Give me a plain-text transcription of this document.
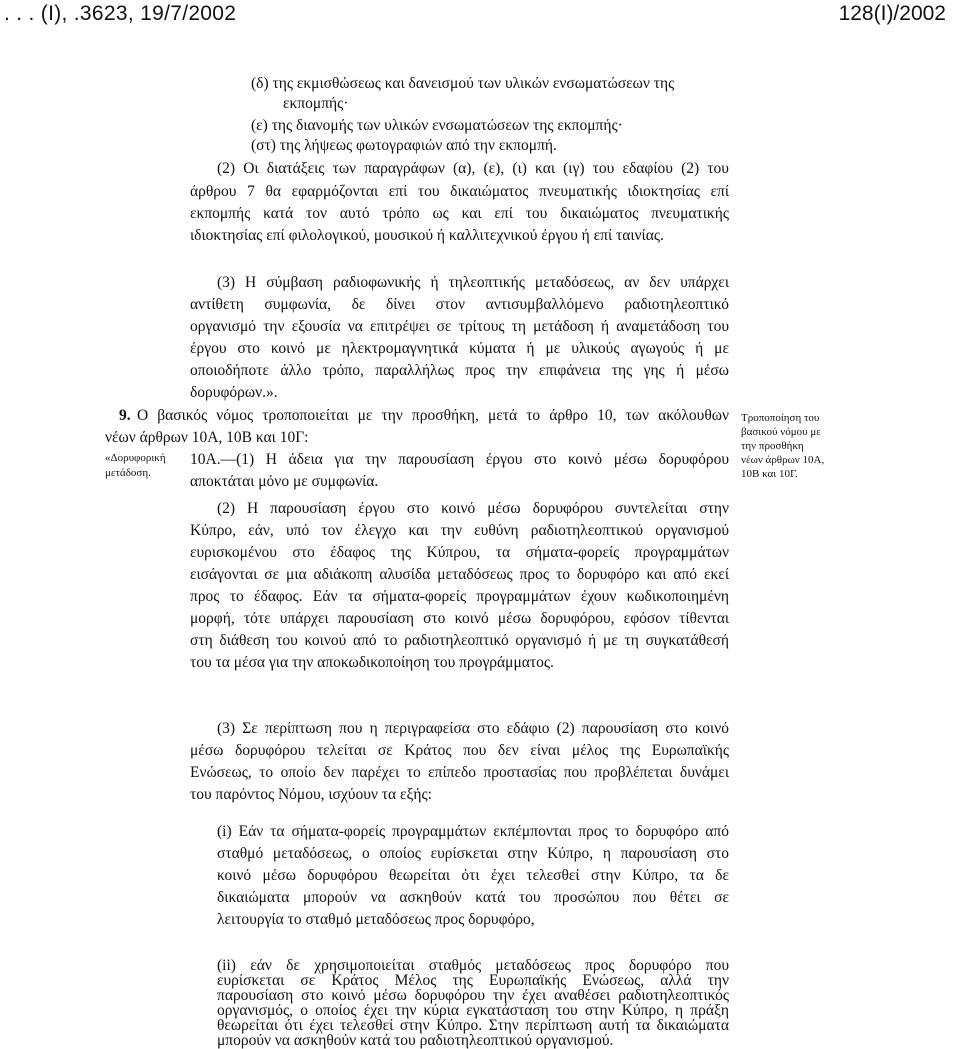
. . . (Ι), .3623, 19/7/2002	128(Ι)/2002
(δ) της εκμισθώσεως και δανεισμού των υλικών ενσωματώσεων της
εκπομπής·
(ε) της διανομής των υλικών ενσωματώσεων της εκπομπής·
(στ) της λήψεως φωτογραφιών από την εκπομπή.
(2) Οι διατάξεις των παραγράφων (α), (ε), (ι) και (ιγ) του εδαφίου (2) του
άρθρου 7 θα εφαρμόζονται επί του δικαιώματος πνευματικής ιδιοκτησίας επί
εκπομπής κατά τον αυτό τρόπο ως και επί του δικαιώματος πνευματικής
ιδιοκτησίας επί φιλολογικού, μουσικού ή καλλιτεχνικού έργου ή επί ταινίας.
(3) Η σύμβαση ραδιοφωνικής ή τηλεοπτικής μεταδόσεως, αν δεν υπάρχει
αντίθετη συμφωνία, δε δίνει στον αντισυμβαλλόμενο ραδιοτηλεοπτικό
οργανισμό την εξουσία να επιτρέψει σε τρίτους τη μετάδοση ή αναμετάδοση του
έργου στο κοινό με ηλεκτρομαγνητικά κύματα ή με υλικούς αγωγούς ή με
οποιοδήποτε άλλο τρόπο, παραλλήλως προς την επιφάνεια της γης ή μέσω
δορυφόρων.».
9. Ο βασικός νόμος τροποποιείται με την προσθήκη, μετά το άρθρο 10, των ακόλουθων
νέων άρθρων 10Α, 10Β και 10Γ:
Τροποποίηση του
βασικού νόμου με
την προσθήκη
νέων άρθρων 10Α,
10Β και 10Γ.
«Δορυφορική
μετάδοση.
10Α.—(1) Η άδεια για την παρουσίαση έργου στο κοινό μέσω δορυφόρου
αποκτάται μόνο με συμφωνία.
(2) Η παρουσίαση έργου στο κοινό μέσω δορυφόρου συντελείται στην
Κύπρο, εάν, υπό τον έλεγχο και την ευθύνη ραδιοτηλεοπτικού οργανισμού
ευρισκομένου στο έδαφος της Κύπρου, τα σήματα-φορείς προγραμμάτων
εισάγονται σε μια αδιάκοπη αλυσίδα μεταδόσεως προς το δορυφόρο και από εκεί
προς το έδαφος. Εάν τα σήματα-φορείς προγραμμάτων έχουν κωδικοποιημένη
μορφή, τότε υπάρχει παρουσίαση στο κοινό μέσω δορυφόρου, εφόσον τίθενται
στη διάθεση του κοινού από το ραδιοτηλεοπτικό οργανισμό ή με τη συγκατάθεσή
του τα μέσα για την αποκωδικοποίηση του προγράμματος.
(3) Σε περίπτωση που η περιγραφείσα στο εδάφιο (2) παρουσίαση στο κοινό
μέσω δορυφόρου τελείται σε Κράτος που δεν είναι μέλος της Ευρωπαϊκής
Ενώσεως, το οποίο δεν παρέχει το επίπεδο προστασίας που προβλέπεται δυνάμει
του παρόντος Νόμου, ισχύουν τα εξής:
(i) Εάν τα σήματα-φορείς προγραμμάτων εκπέμπονται προς το δορυφόρο από
σταθμό μεταδόσεως, ο οποίος ευρίσκεται στην Κύπρο, η παρουσίαση στο
κοινό μέσω δορυφόρου θεωρείται ότι έχει τελεσθεί στην Κύπρο, τα δε
δικαιώματα μπορούν να ασκηθούν κατά του προσώπου που θέτει σε
λειτουργία το σταθμό μεταδόσεως προς δορυφόρο,
(ii) εάν δε χρησιμοποιείται σταθμός μεταδόσεως προς δορυφόρο που
ευρίσκεται σε Κράτος Μέλος της Ευρωπαϊκής Ενώσεως, αλλά την
παρουσίαση στο κοινό μέσω δορυφόρου την έχει αναθέσει ραδιοτηλεοπτικός
οργανισμός, ο οποίος έχει την κύρια εγκατάσταση του στην Κύπρο, η πράξη
θεωρείται ότι έχει τελεσθεί στην Κύπρο. Στην περίπτωση αυτή τα δικαιώματα
μπορούν να ασκηθούν κατά του ραδιοτηλεοπτικού οργανισμού.
